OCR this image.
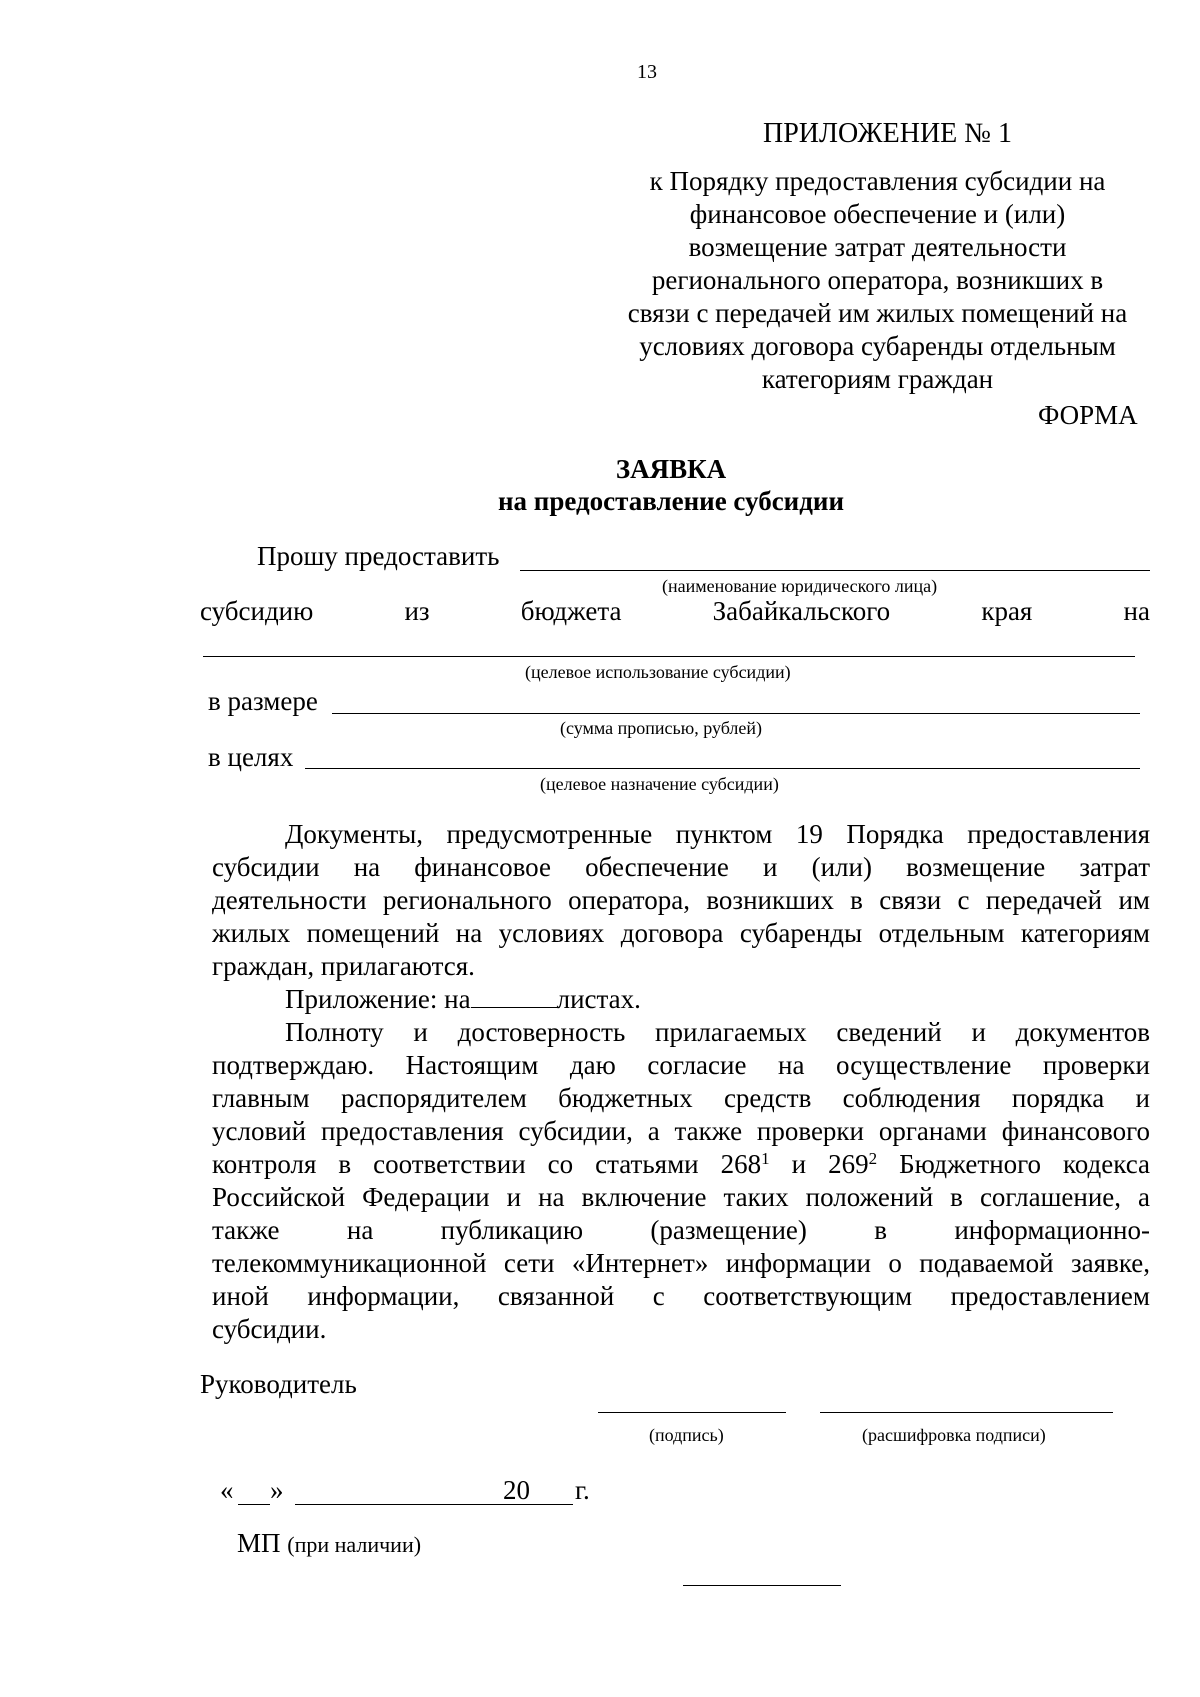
13
ПРИЛОЖЕНИЕ № 1
к Порядку предоставления субсидии на
финансовое обеспечение и (или)
возмещение затрат деятельности
регионального оператора, возникших в
связи с передачей им жилых помещений на
условиях договора субаренды отдельным
категориям граждан
ФОРМА
ЗАЯВКА
на предоставление субсидии
Прошу предоставить
(наименование юридического лица)
субсидию	из	бюджета	Забайкальского	края	на
(целевое использование субсидии)
в размере
(сумма прописью, рублей)
в целях
(целевое назначение субсидии)
Документы, предусмотренные пунктом 19 Порядка предоставления
субсидии на финансовое обеспечение и (или) возмещение затрат
деятельности регионального оператора, возникших в связи с передачей им
жилых помещений на условиях договора субаренды отдельным категориям
граждан, прилагаются.
Приложение: на	листах.
Полноту и достоверность прилагаемых сведений и документов
подтверждаю. Настоящим даю согласие на осуществление проверки
главным распорядителем бюджетных средств соблюдения порядка и
условий предоставления субсидии, а также проверки органами финансового
контроля в соответствии со статьями $268^1$ и $269^2$ Бюджетного кодекса
Российской Федерации и на включение таких положений в соглашение, а
также на публикацию (размещение) в информационно-
телекоммуникационной сети «Интернет» информации о подаваемой заявке,
иной информации, связанной с соответствующим предоставлением
субсидии.
Руководитель
(подпись)	(расшифровка подписи)
« »	20 г.
МП (при наличии)
